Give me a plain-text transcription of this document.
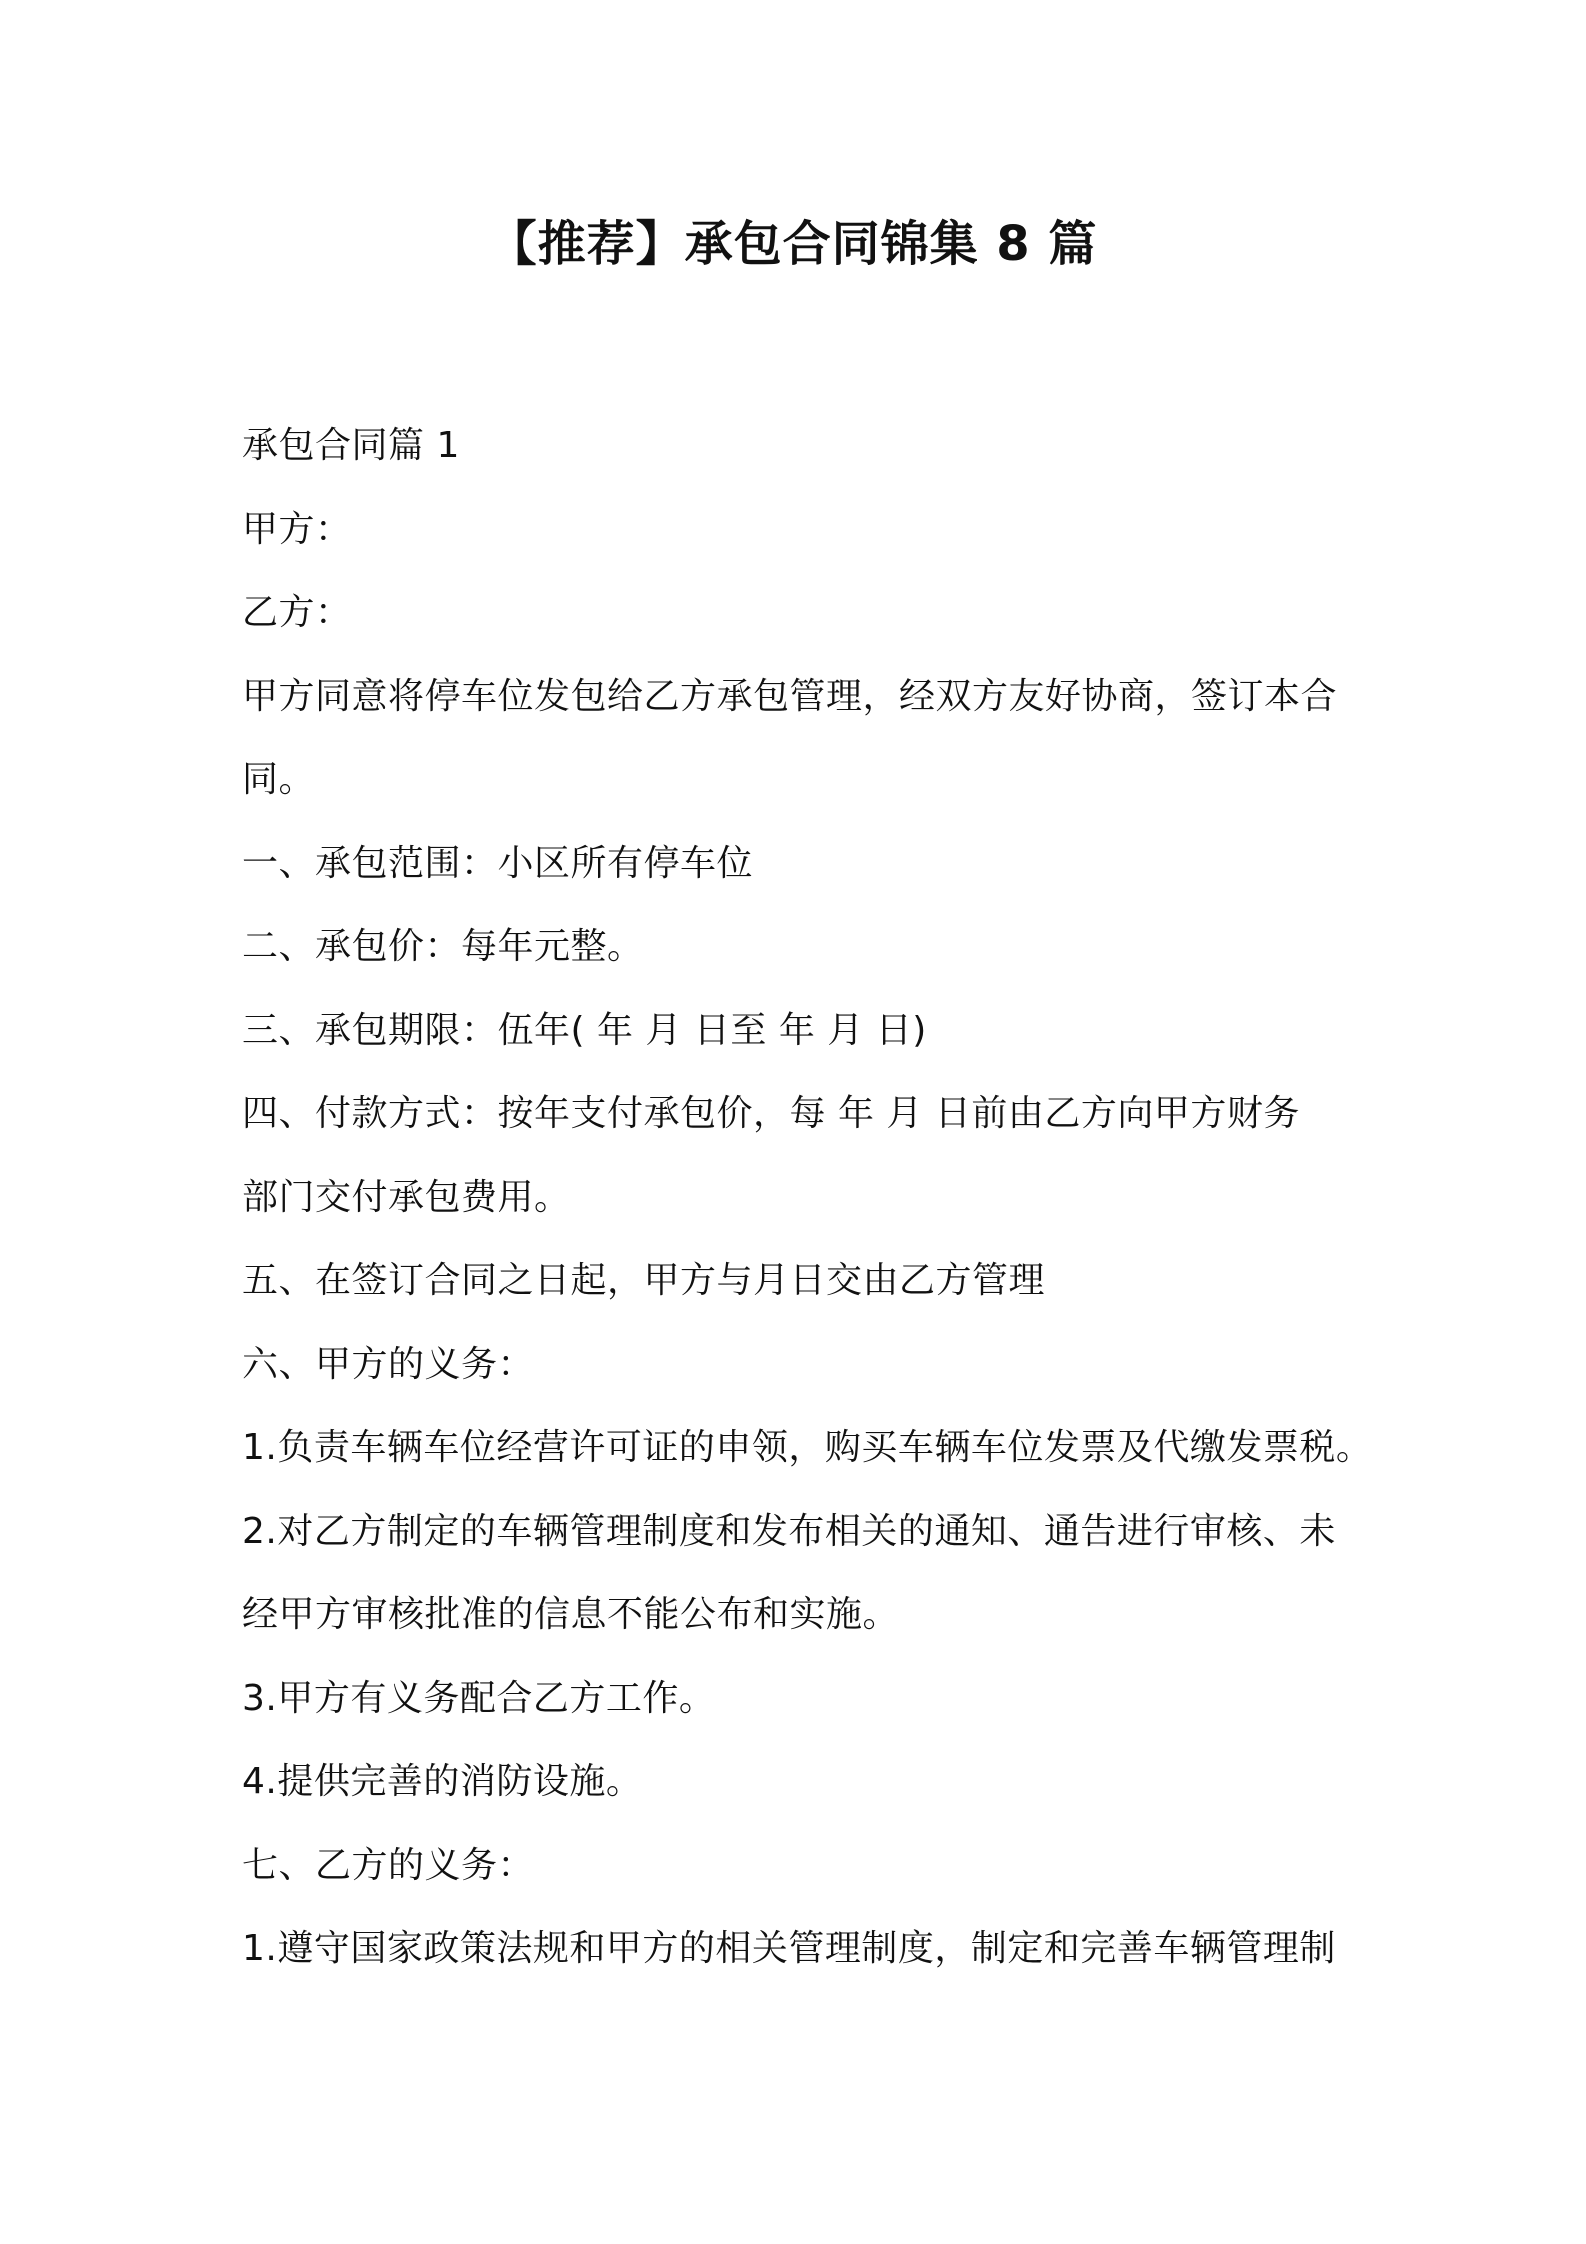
【推荐】承包合同锦集 8 篇
承包合同篇 1
甲方：
乙方：
甲方同意将停车位发包给乙方承包管理，经双方友好协商，签订本合
同。
一、承包范围：小区所有停车位
二、承包价：每年元整。
三、承包期限：伍年( 年 月 日至 年 月 日)
四、付款方式：按年支付承包价，每 年 月 日前由乙方向甲方财务
部门交付承包费用。
五、在签订合同之日起，甲方与月日交由乙方管理
六、甲方的义务：
1.负责车辆车位经营许可证的申领，购买车辆车位发票及代缴发票税。
2.对乙方制定的车辆管理制度和发布相关的通知、通告进行审核、未
经甲方审核批准的信息不能公布和实施。
3.甲方有义务配合乙方工作。
4.提供完善的消防设施。
七、乙方的义务：
1.遵守国家政策法规和甲方的相关管理制度，制定和完善车辆管理制
